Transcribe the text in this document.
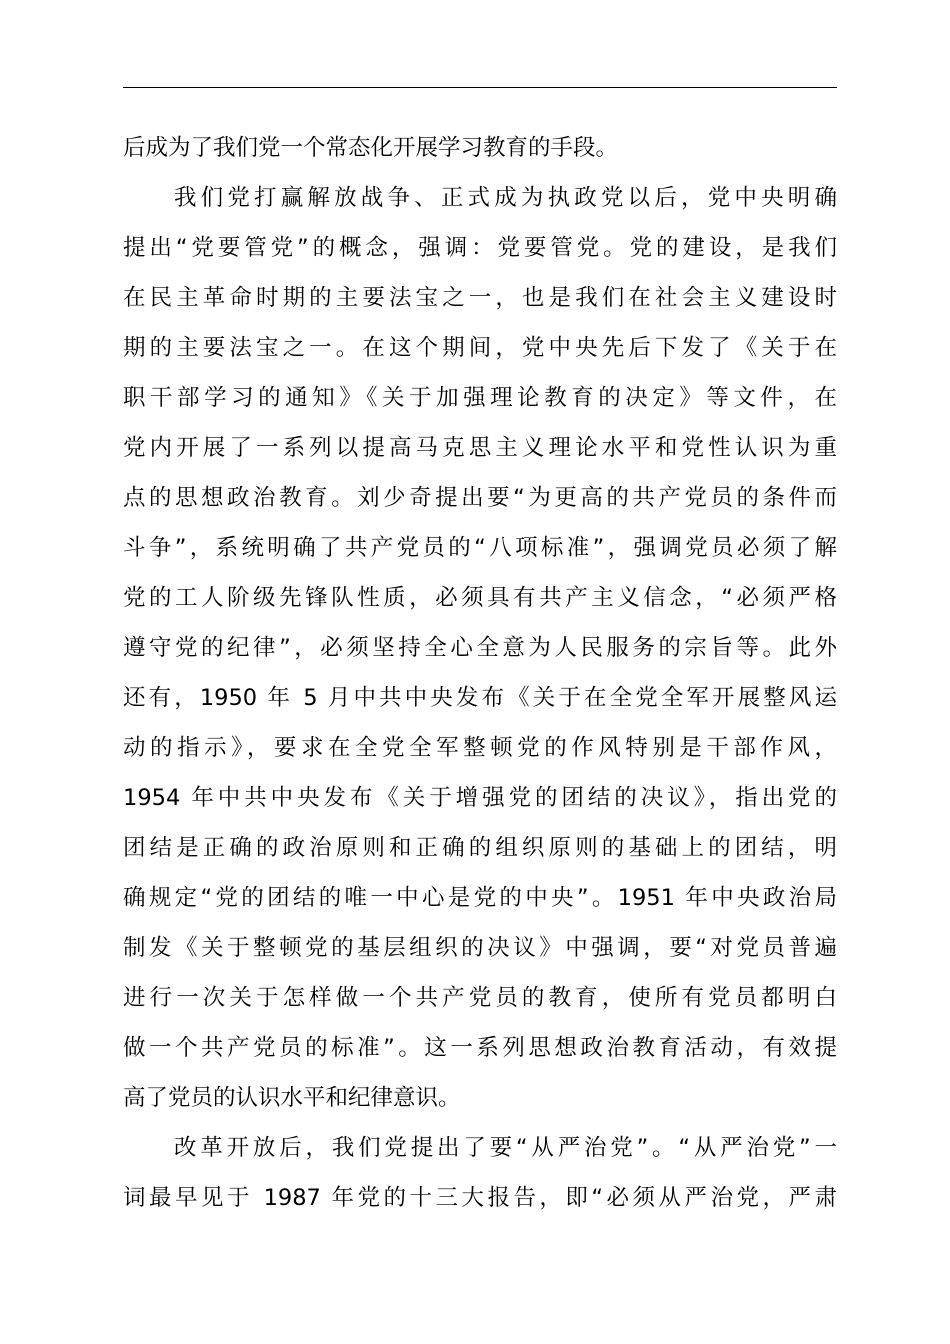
后成为了我们党一个常态化开展学习教育的手段。
我们党打赢解放战争、正式成为执政党以后，党中央明确
提出“党要管党”的概念，强调：党要管党。党的建设，是我们
在民主革命时期的主要法宝之一，也是我们在社会主义建设时
期的主要法宝之一。在这个期间，党中央先后下发了《关于在
职干部学习的通知》《关于加强理论教育的决定》等文件，在
党内开展了一系列以提高马克思主义理论水平和党性认识为重
点的思想政治教育。刘少奇提出要“为更高的共产党员的条件而
斗争”，系统明确了共产党员的“八项标准”，强调党员必须了解
党的工人阶级先锋队性质，必须具有共产主义信念，“必须严格
遵守党的纪律”，必须坚持全心全意为人民服务的宗旨等。此外
还有，1950 年 5 月中共中央发布《关于在全党全军开展整风运
动的指示》，要求在全党全军整顿党的作风特别是干部作风，
1954 年中共中央发布《关于增强党的团结的决议》，指出党的
团结是正确的政治原则和正确的组织原则的基础上的团结，明
确规定“党的团结的唯一中心是党的中央”。1951 年中央政治局
制发《关于整顿党的基层组织的决议》中强调，要“对党员普遍
进行一次关于怎样做一个共产党员的教育，使所有党员都明白
做一个共产党员的标准”。这一系列思想政治教育活动，有效提
高了党员的认识水平和纪律意识。
改革开放后，我们党提出了要“从严治党”。“从严治党”一
词最早见于 1987 年党的十三大报告，即“必须从严治党，严肃
